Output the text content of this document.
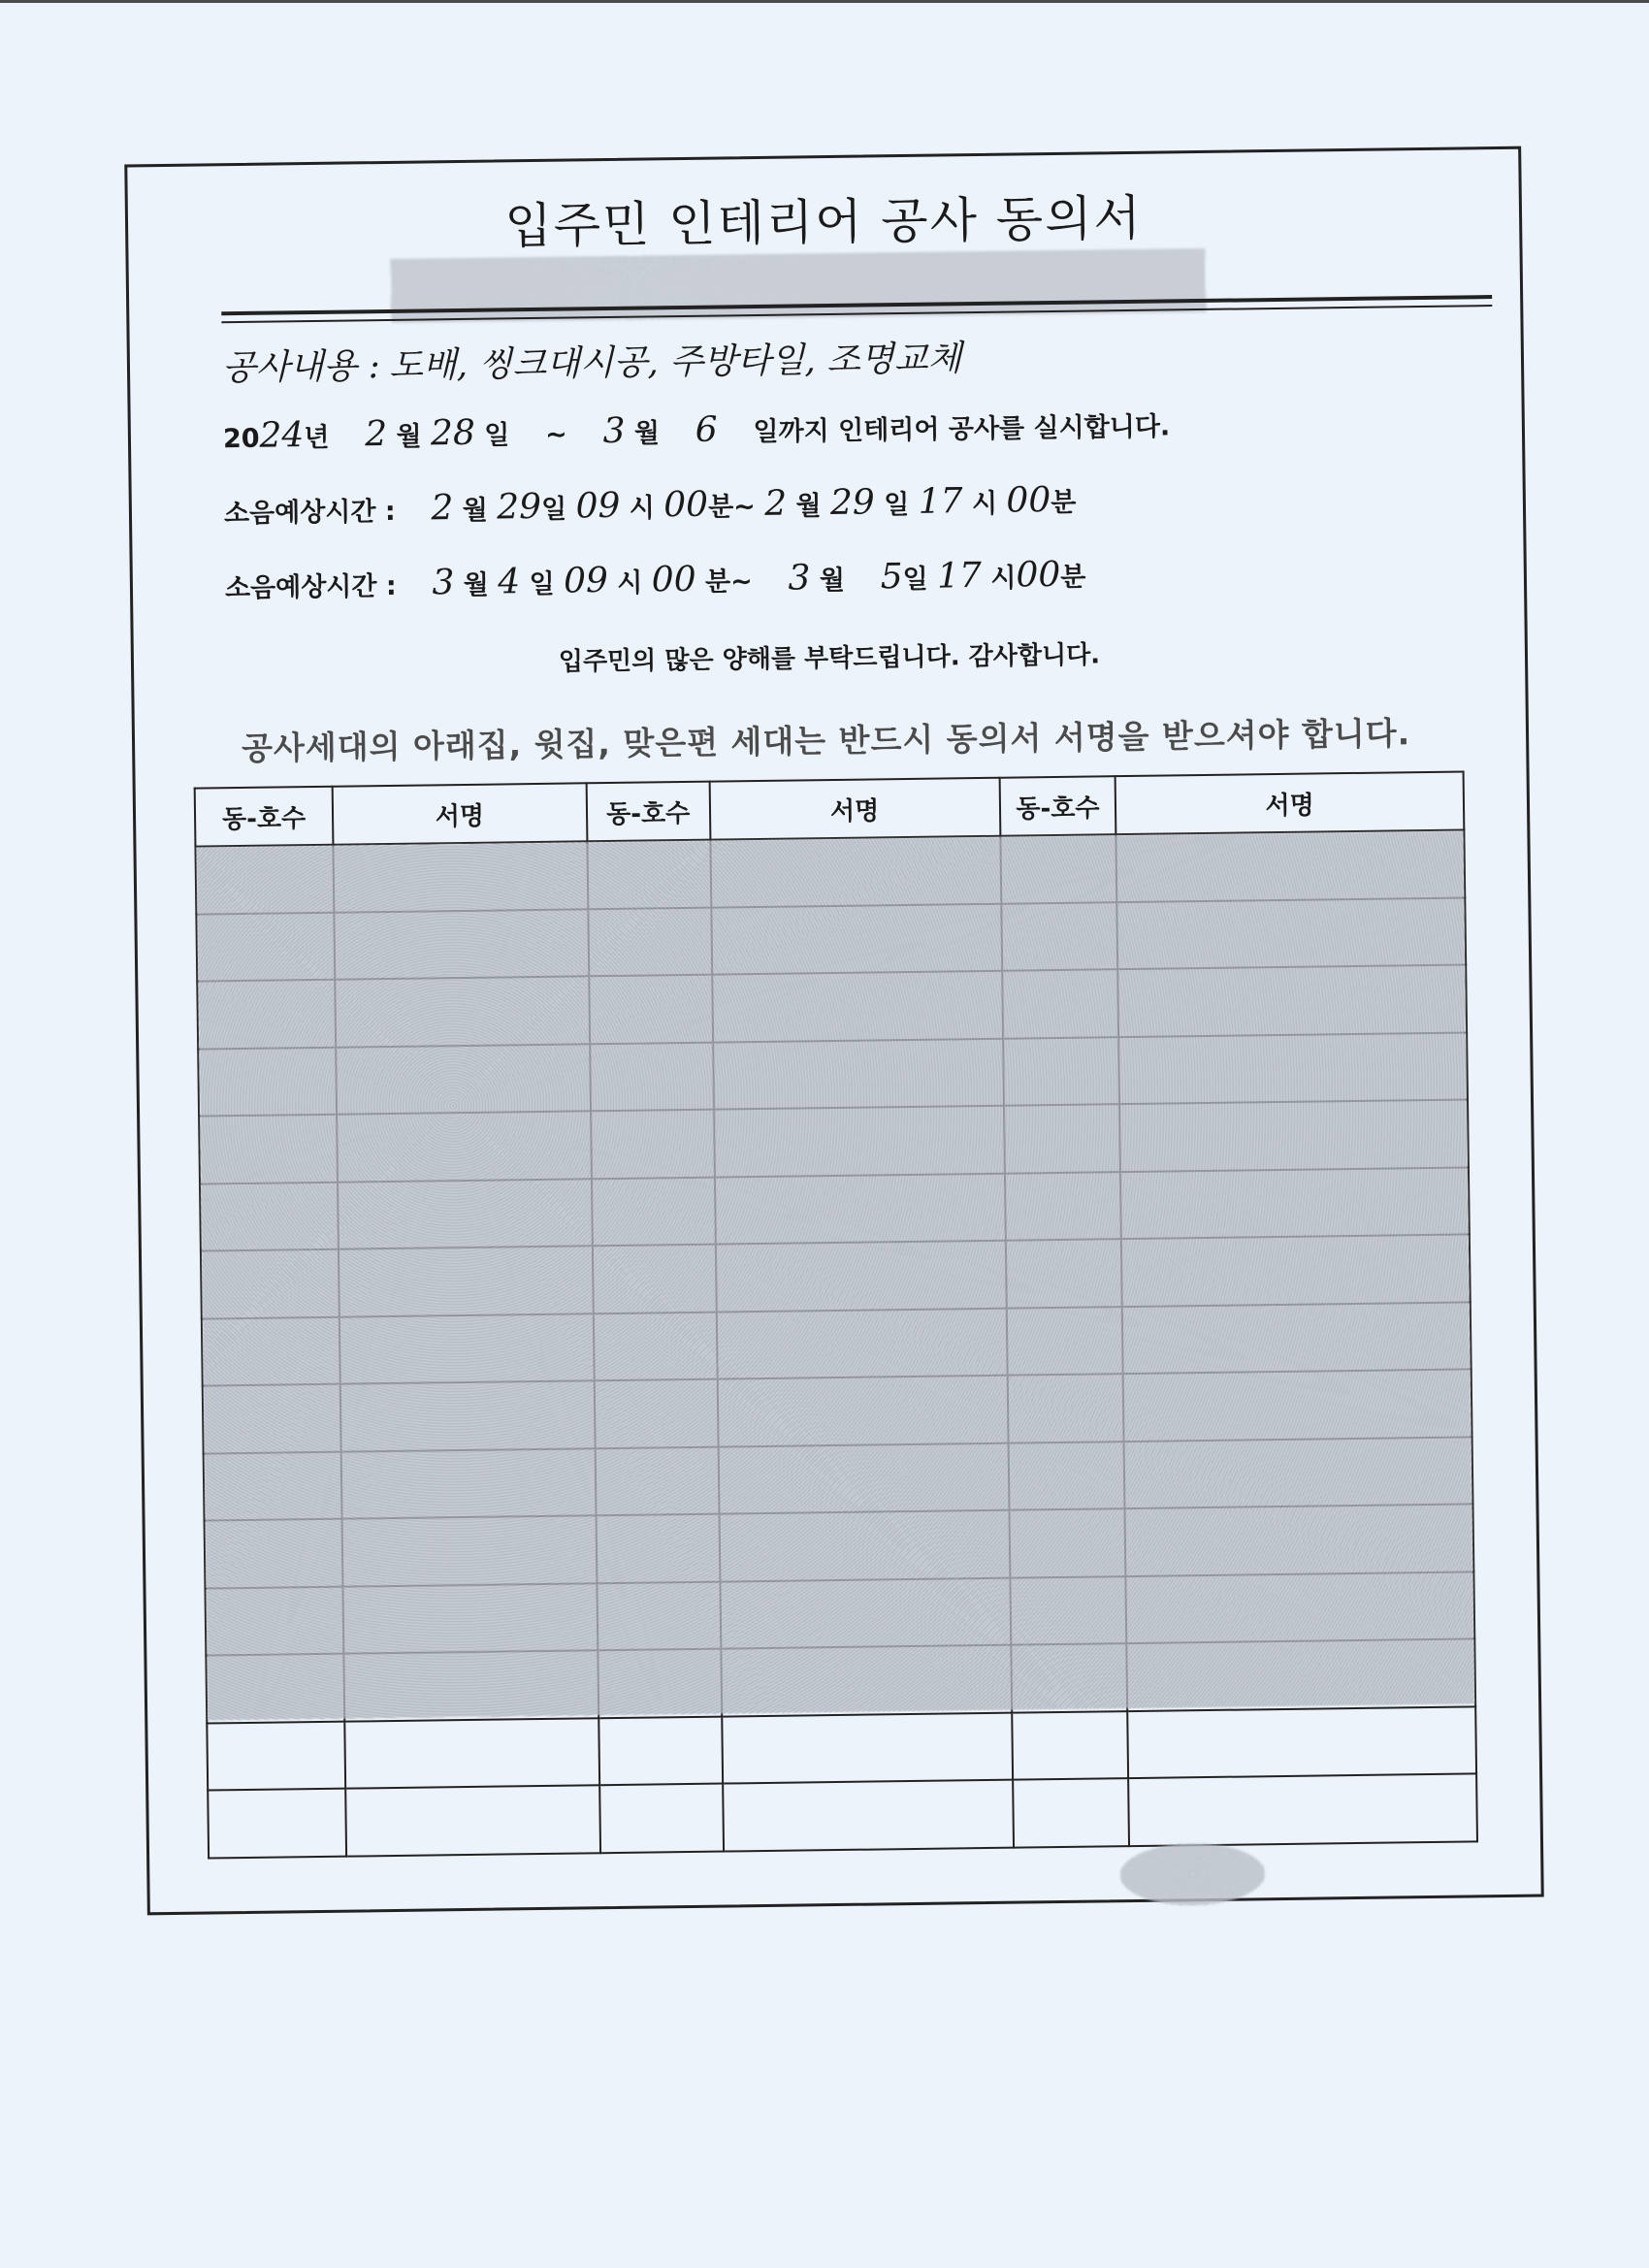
입주민 인테리어 공사 동의서
공사내용 : 도배, 씽크대시공, 주방타일, 조명교체
2024년 2 월 28 일 ~ 3 월 6 일까지 인테리어 공사를 실시합니다.
소음예상시간 : 2 월 29일 09 시 00분~ 2 월 29 일 17 시 00분
소음예상시간 : 3 월 4 일 09 시 00 분~ 3 월 5일 17 시00분
입주민의 많은 양해를 부탁드립니다. 감사합니다.
공사세대의 아래집, 윗집, 맞은편 세대는 반드시 동의서 서명을 받으셔야 합니다.
동-호수	서명	동-호수	서명	동-호수	서명
